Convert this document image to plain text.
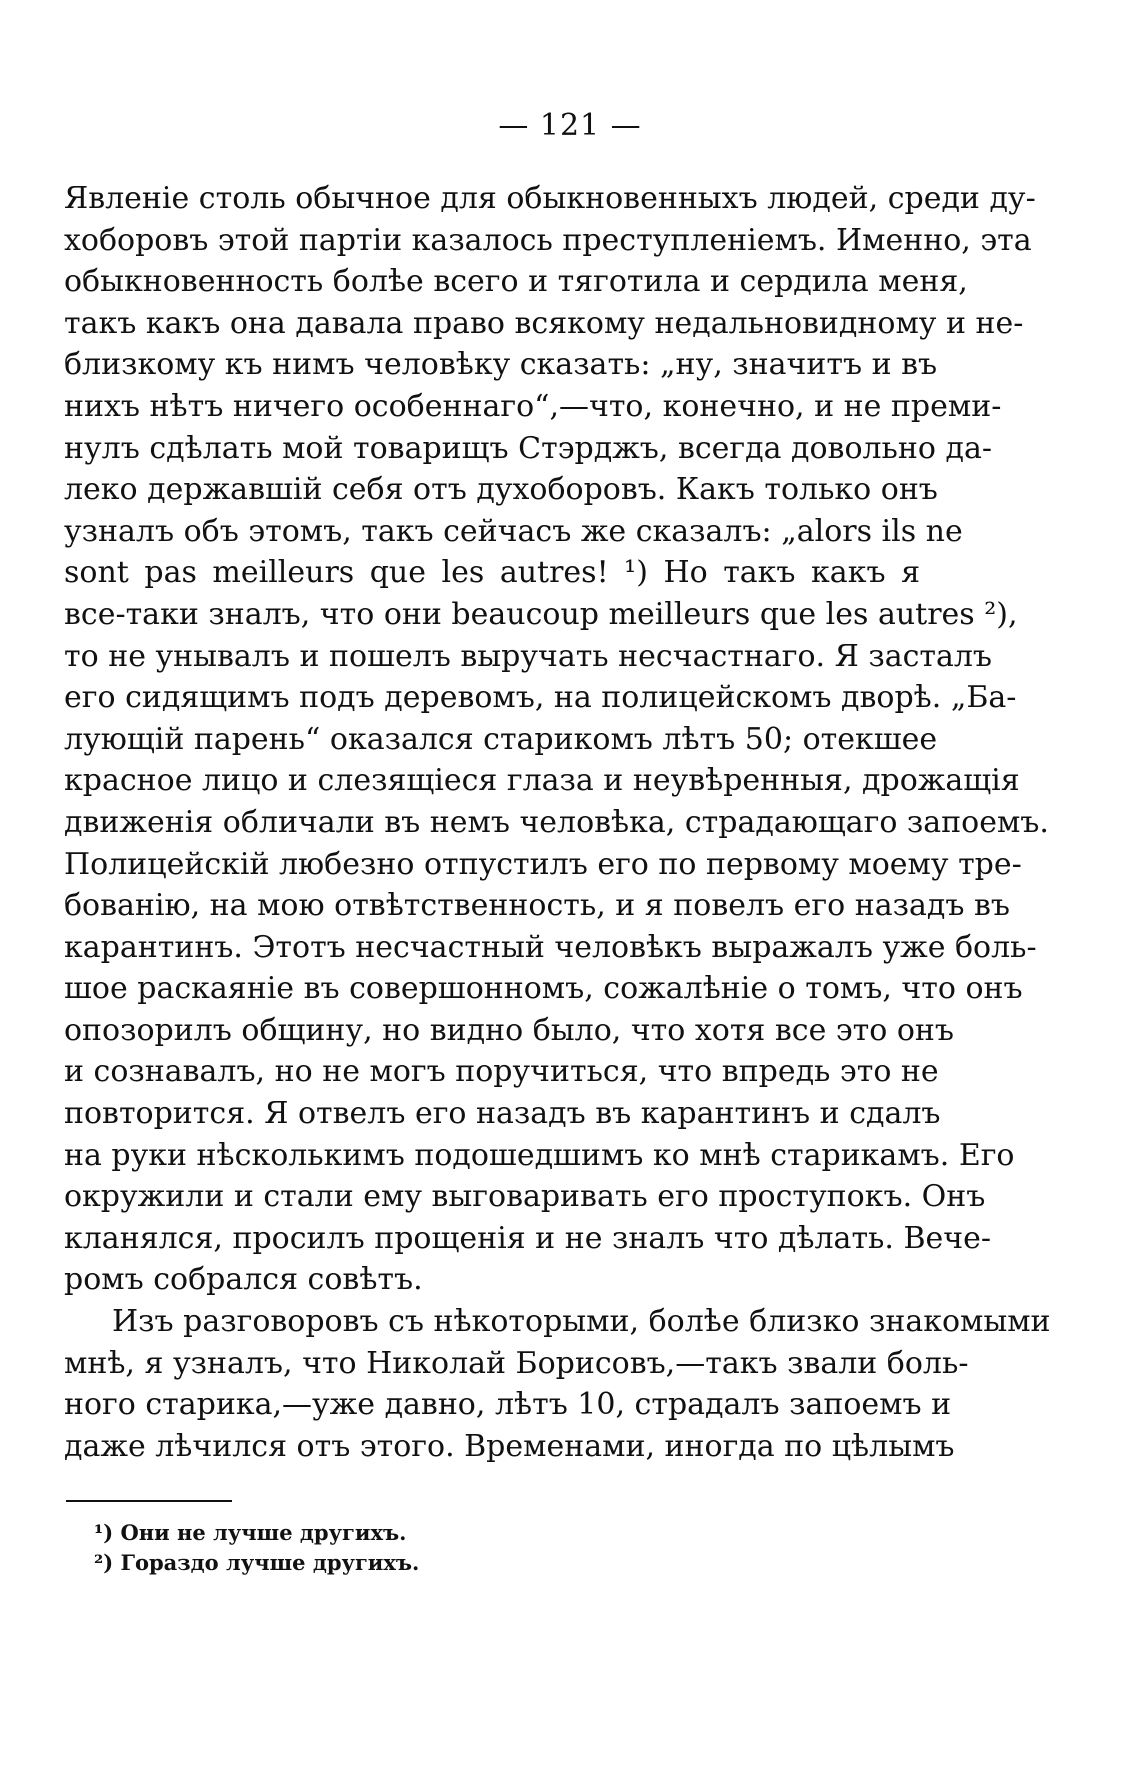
— 121 —
Явленіе столь обычноe для обыкновенныхъ людей, среди ду-
хоборовъ этой партіи казалось преступленіемъ. Именно, эта
обыкновенность болѣе всего и тяготила и сердила меня,
такъ какъ она давала право всякому недальновидному и не-
близкому къ нимъ человѣку сказать: „ну, значитъ и въ
нихъ нѣтъ ничего особеннаго“,—что, конечно, и не преми-
нулъ сдѣлать мой товарищъ Стэрджъ, всегда довольно да-
леко державшій себя отъ духоборовъ. Какъ только онъ
узналъ объ этомъ, такъ сейчасъ же сказалъ: „alors ils ne
sont pas meilleurs que les autres! ¹) Но такъ какъ я
все-таки зналъ, что они beaucoup meilleurs que les autres ²),
то не унывалъ и пошелъ выручать несчастнаго. Я засталъ
его сидящимъ подъ деревомъ, на полицейскомъ дворѣ. „Ба-
лующій парень“ оказался старикомъ лѣтъ 50; отекшее
красное лицо и слезящіеся глаза и неувѣренныя, дрожащія
движенія обличали въ немъ человѣка, страдающаго запоемъ.
Полицейскій любезно отпустилъ его по первому моему тре-
бованію, на мою отвѣтственность, и я повелъ его назадъ въ
карантинъ. Этотъ несчастный человѣкъ выражалъ уже боль-
шое раскаяніе въ совершонномъ, сожалѣніе о томъ, что онъ
опозорилъ общину, но видно было, что хотя все это онъ
и сознавалъ, но не могъ поручиться, что впредь это не
повторится. Я отвелъ его назадъ въ карантинъ и сдалъ
на руки нѣсколькимъ подошедшимъ ко мнѣ старикамъ. Его
окружили и стали ему выговаривать его проступокъ. Онъ
кланялся, просилъ прощенія и не зналъ что дѣлать. Вече-
ромъ собрался совѣтъ.
Изъ разговоровъ съ нѣкоторыми, болѣе близко знакомыми
мнѣ, я узналъ, что Николай Борисовъ,—такъ звали боль-
ного старика,—уже давно, лѣтъ 10, страдалъ запоемъ и
даже лѣчился отъ этого. Временами, иногда по цѣлымъ
¹) Они не лучше другихъ.
²) Гораздо лучше другихъ.
